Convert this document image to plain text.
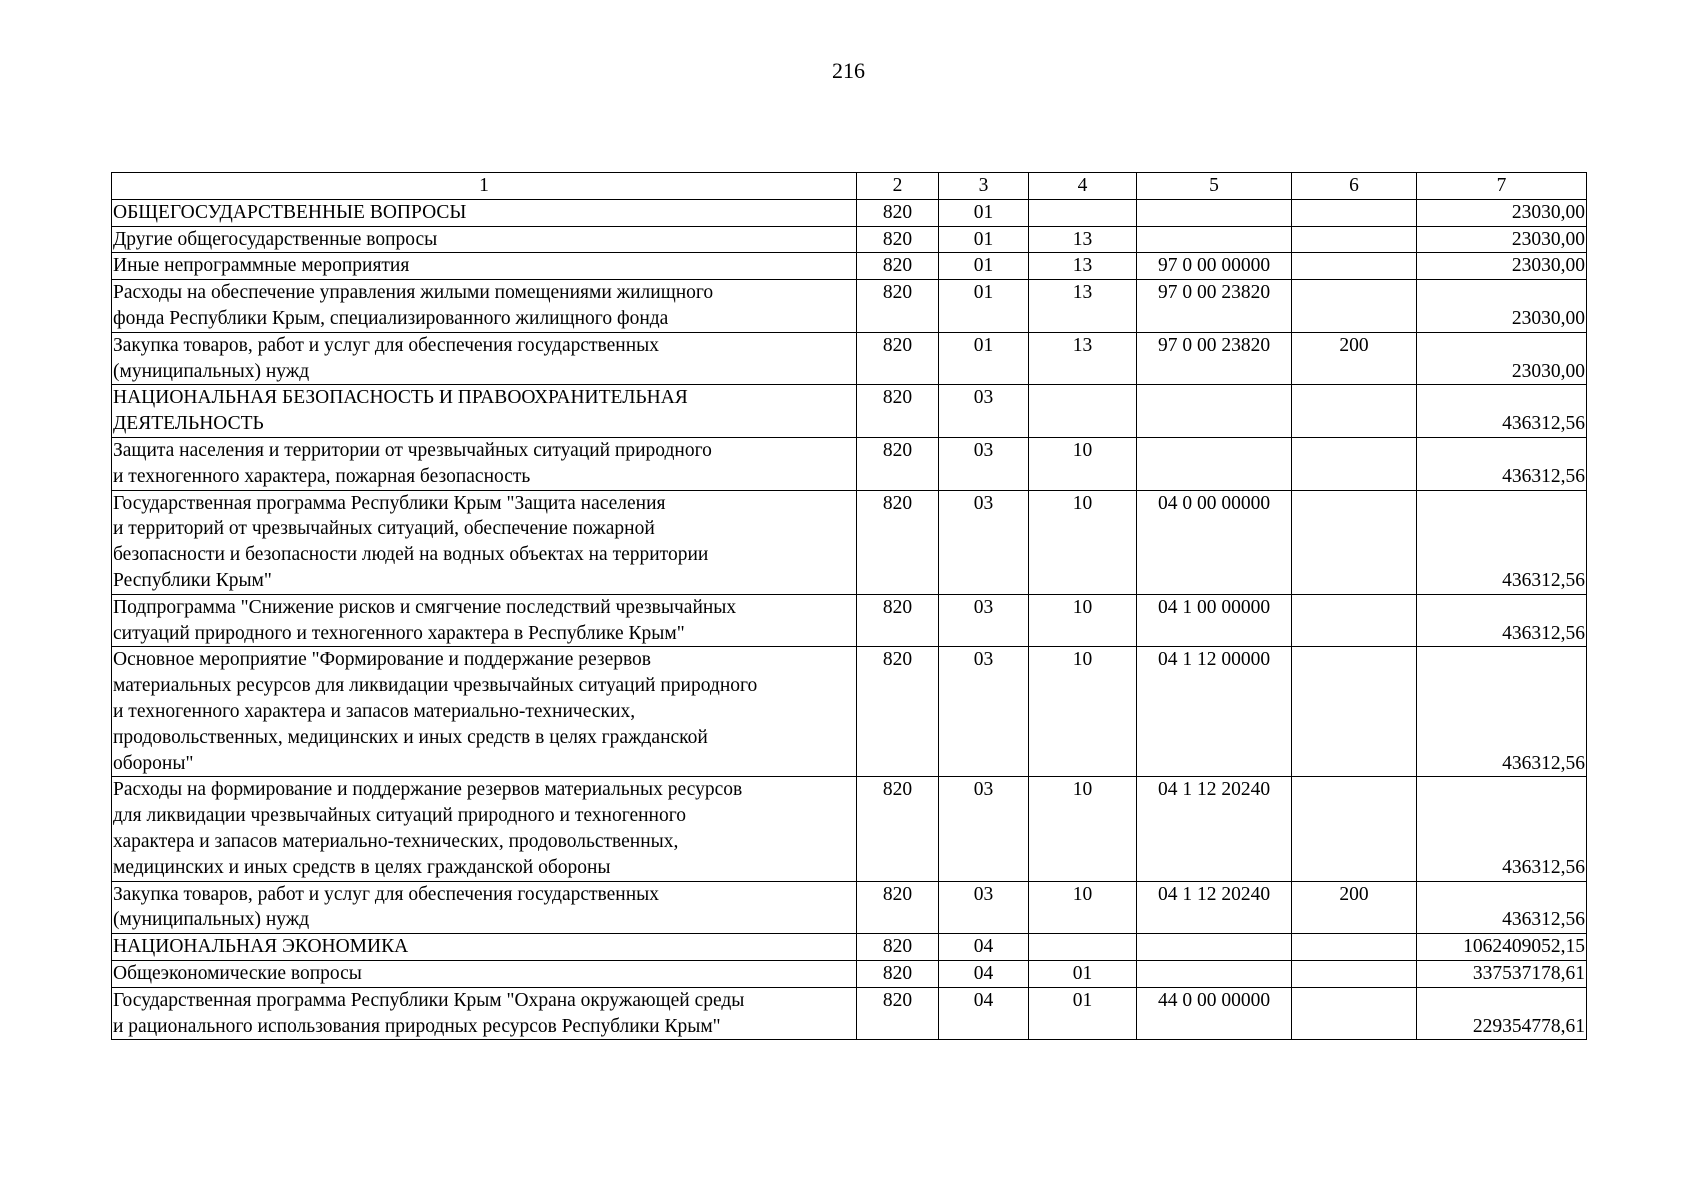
216
1	2	3	4	5	6	7
ОБЩЕГОСУДАРСТВЕННЫЕ ВОПРОСЫ	820	01				23030,00
Другие общегосударственные вопросы	820	01	13			23030,00
Иные непрограммные мероприятия	820	01	13	97 0 00 00000		23030,00
Расходы на обеспечение управления жилыми помещениями жилищного
фонда Республики Крым, специализированного жилищного фонда	820	01	13	97 0 00 23820		23030,00
Закупка товаров, работ и услуг для обеспечения государственных
(муниципальных) нужд	820	01	13	97 0 00 23820	200	23030,00
НАЦИОНАЛЬНАЯ БЕЗОПАСНОСТЬ И ПРАВООХРАНИТЕЛЬНАЯ
ДЕЯТЕЛЬНОСТЬ	820	03				436312,56
Защита населения и территории от чрезвычайных ситуаций природного
и техногенного характера, пожарная безопасность	820	03	10			436312,56
Государственная программа Республики Крым "Защита населения
и территорий от чрезвычайных ситуаций, обеспечение пожарной
безопасности и безопасности людей на водных объектах на территории
Республики Крым"	820	03	10	04 0 00 00000		436312,56
Подпрограмма "Снижение рисков и смягчение последствий чрезвычайных
ситуаций природного и техногенного характера в Республике Крым"	820	03	10	04 1 00 00000		436312,56
Основное мероприятие "Формирование и поддержание резервов
материальных ресурсов для ликвидации чрезвычайных ситуаций природного
и техногенного характера и запасов материально-технических,
продовольственных, медицинских и иных средств в целях гражданской
обороны"	820	03	10	04 1 12 00000		436312,56
Расходы на формирование и поддержание резервов материальных ресурсов
для ликвидации чрезвычайных ситуаций природного и техногенного
характера и запасов материально-технических, продовольственных,
медицинских и иных средств в целях гражданской обороны	820	03	10	04 1 12 20240		436312,56
Закупка товаров, работ и услуг для обеспечения государственных
(муниципальных) нужд	820	03	10	04 1 12 20240	200	436312,56
НАЦИОНАЛЬНАЯ ЭКОНОМИКА	820	04				1062409052,15
Общеэкономические вопросы	820	04	01			337537178,61
Государственная программа Республики Крым "Охрана окружающей среды
и рационального использования природных ресурсов Республики Крым"	820	04	01	44 0 00 00000		229354778,61
